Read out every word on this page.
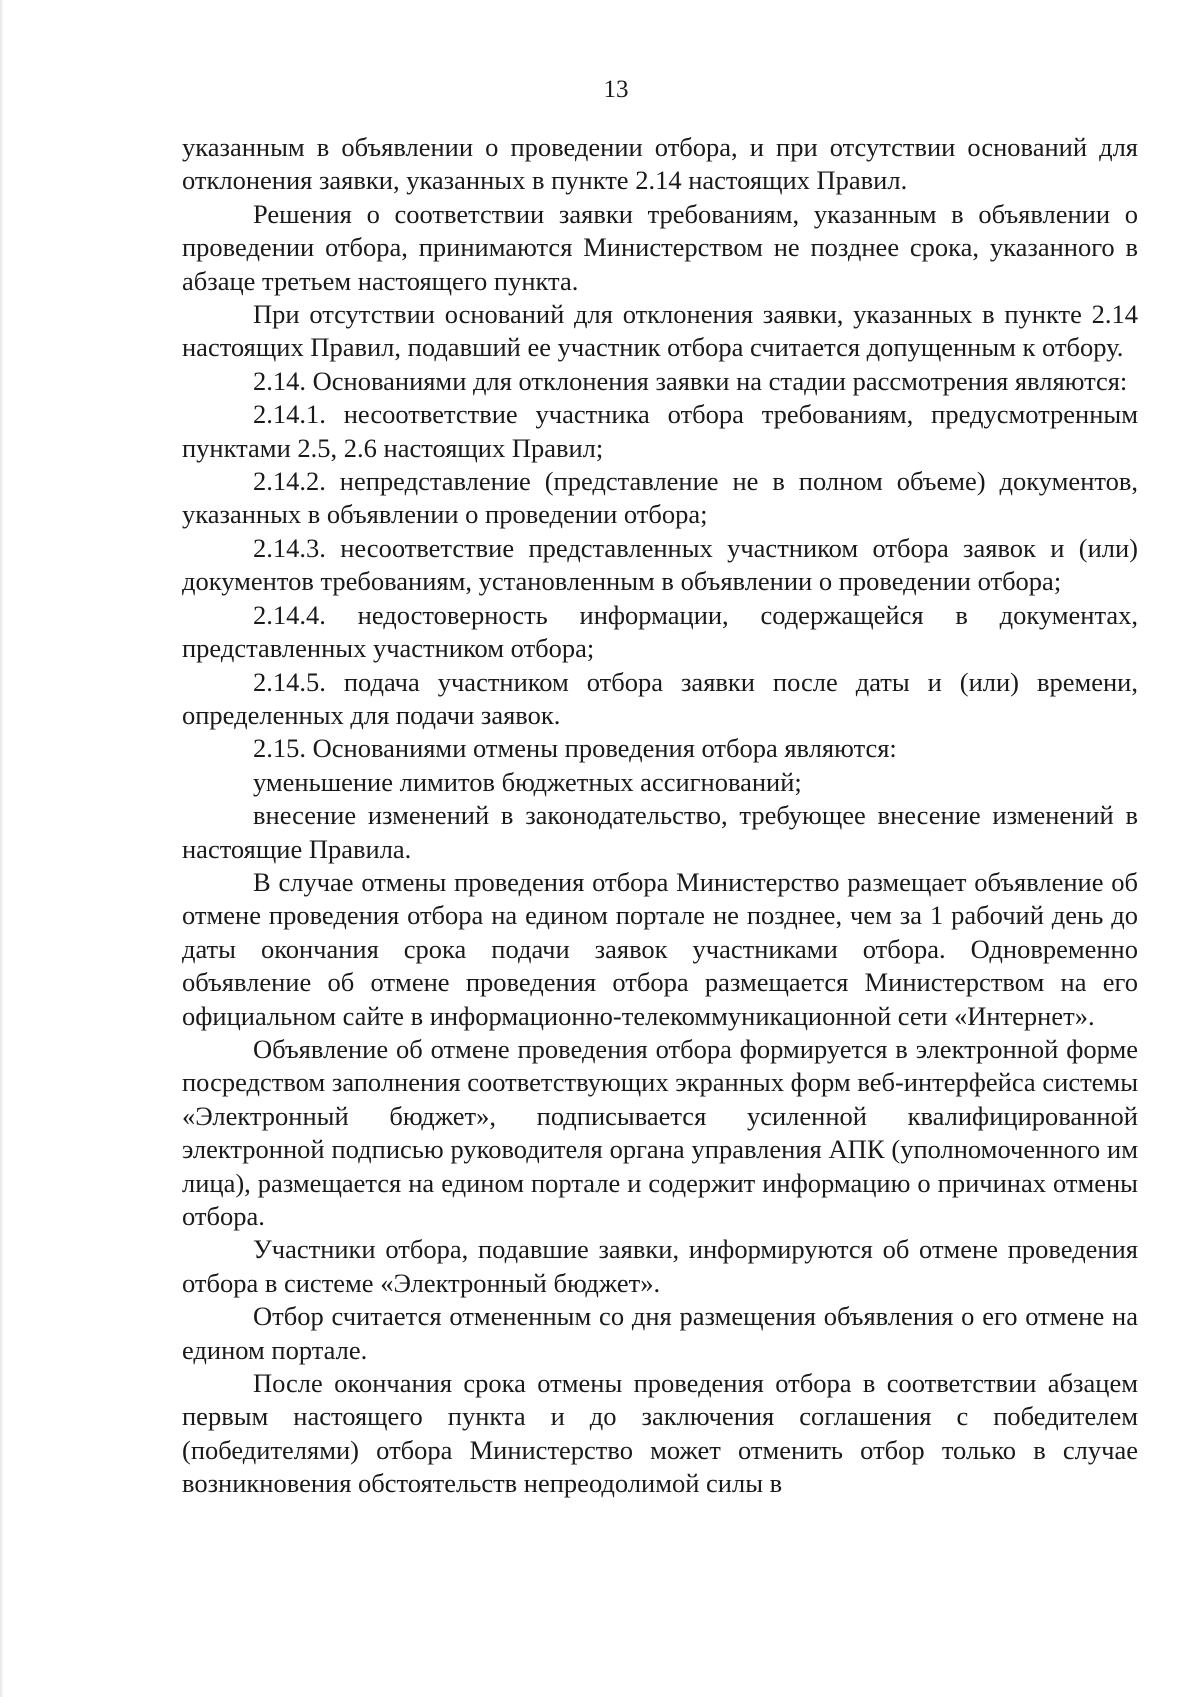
13

указанным в объявлении о проведении отбора, и при отсутствии оснований для отклонения заявки, указанных в пункте 2.14 настоящих Правил.

Решения о соответствии заявки требованиям, указанным в объявлении о проведении отбора, принимаются Министерством не позднее срока, указанного в абзаце третьем настоящего пункта.

При отсутствии оснований для отклонения заявки, указанных в пункте 2.14 настоящих Правил, подавший ее участник отбора считается допущенным к отбору.

2.14. Основаниями для отклонения заявки на стадии рассмотрения являются:

2.14.1. несоответствие участника отбора требованиям, предусмотренным пунктами 2.5, 2.6 настоящих Правил;

2.14.2. непредставление (представление не в полном объеме) документов, указанных в объявлении о проведении отбора;

2.14.3. несоответствие представленных участником отбора заявок и (или) документов требованиям, установленным в объявлении о проведении отбора;

2.14.4. недостоверность информации, содержащейся в документах, представленных участником отбора;

2.14.5. подача участником отбора заявки после даты и (или) времени, определенных для подачи заявок.

2.15. Основаниями отмены проведения отбора являются:

уменьшение лимитов бюджетных ассигнований;

внесение изменений в законодательство, требующее внесение изменений в настоящие Правила.

В случае отмены проведения отбора Министерство размещает объявление об отмене проведения отбора на едином портале не позднее, чем за 1 рабочий день до даты окончания срока подачи заявок участниками отбора. Одновременно объявление об отмене проведения отбора размещается Министерством на его официальном сайте в информационно-телекоммуникационной сети «Интернет».

Объявление об отмене проведения отбора формируется в электронной форме посредством заполнения соответствующих экранных форм веб-интерфейса системы «Электронный бюджет», подписывается усиленной квалифицированной электронной подписью руководителя органа управления АПК (уполномоченного им лица), размещается на едином портале и содержит информацию о причинах отмены отбора.

Участники отбора, подавшие заявки, информируются об отмене проведения отбора в системе «Электронный бюджет».

Отбор считается отмененным со дня размещения объявления о его отмене на едином портале.

После окончания срока отмены проведения отбора в соответствии абзацем первым настоящего пункта и до заключения соглашения с победителем (победителями) отбора Министерство может отменить отбор только в случае возникновения обстоятельств непреодолимой силы в
